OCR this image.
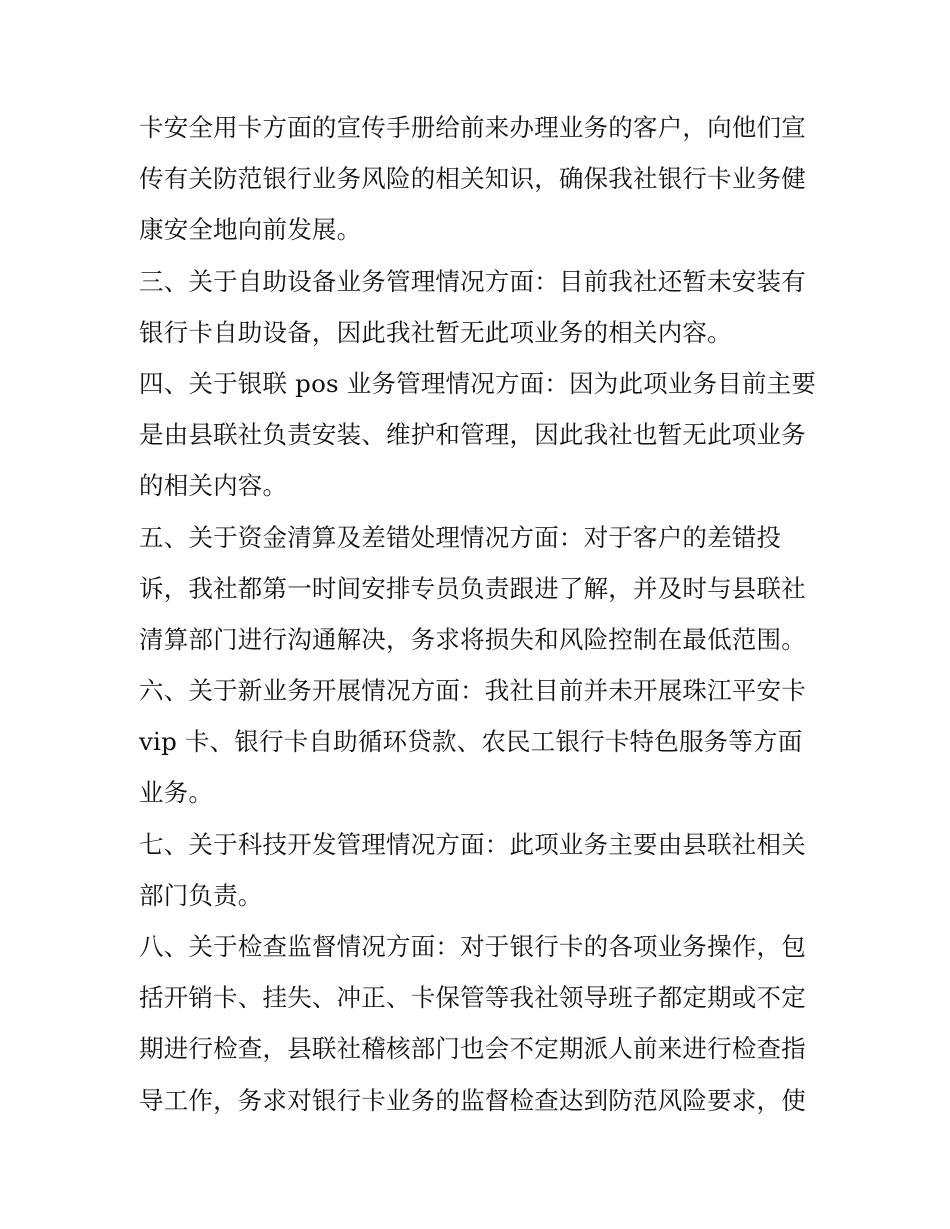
卡安全用卡方面的宣传手册给前来办理业务的客户，向他们宣
传有关防范银行业务风险的相关知识，确保我社银行卡业务健
康安全地向前发展。
三、关于自助设备业务管理情况方面：目前我社还暂未安装有
银行卡自助设备，因此我社暂无此项业务的相关内容。
四、关于银联 pos 业务管理情况方面：因为此项业务目前主要
是由县联社负责安装、维护和管理，因此我社也暂无此项业务
的相关内容。
五、关于资金清算及差错处理情况方面：对于客户的差错投
诉，我社都第一时间安排专员负责跟进了解，并及时与县联社
清算部门进行沟通解决，务求将损失和风险控制在最低范围。
六、关于新业务开展情况方面：我社目前并未开展珠江平安卡
vip 卡、银行卡自助循环贷款、农民工银行卡特色服务等方面
业务。
七、关于科技开发管理情况方面：此项业务主要由县联社相关
部门负责。
八、关于检查监督情况方面：对于银行卡的各项业务操作，包
括开销卡、挂失、冲正、卡保管等我社领导班子都定期或不定
期进行检查，县联社稽核部门也会不定期派人前来进行检查指
导工作，务求对银行卡业务的监督检查达到防范风险要求，使
